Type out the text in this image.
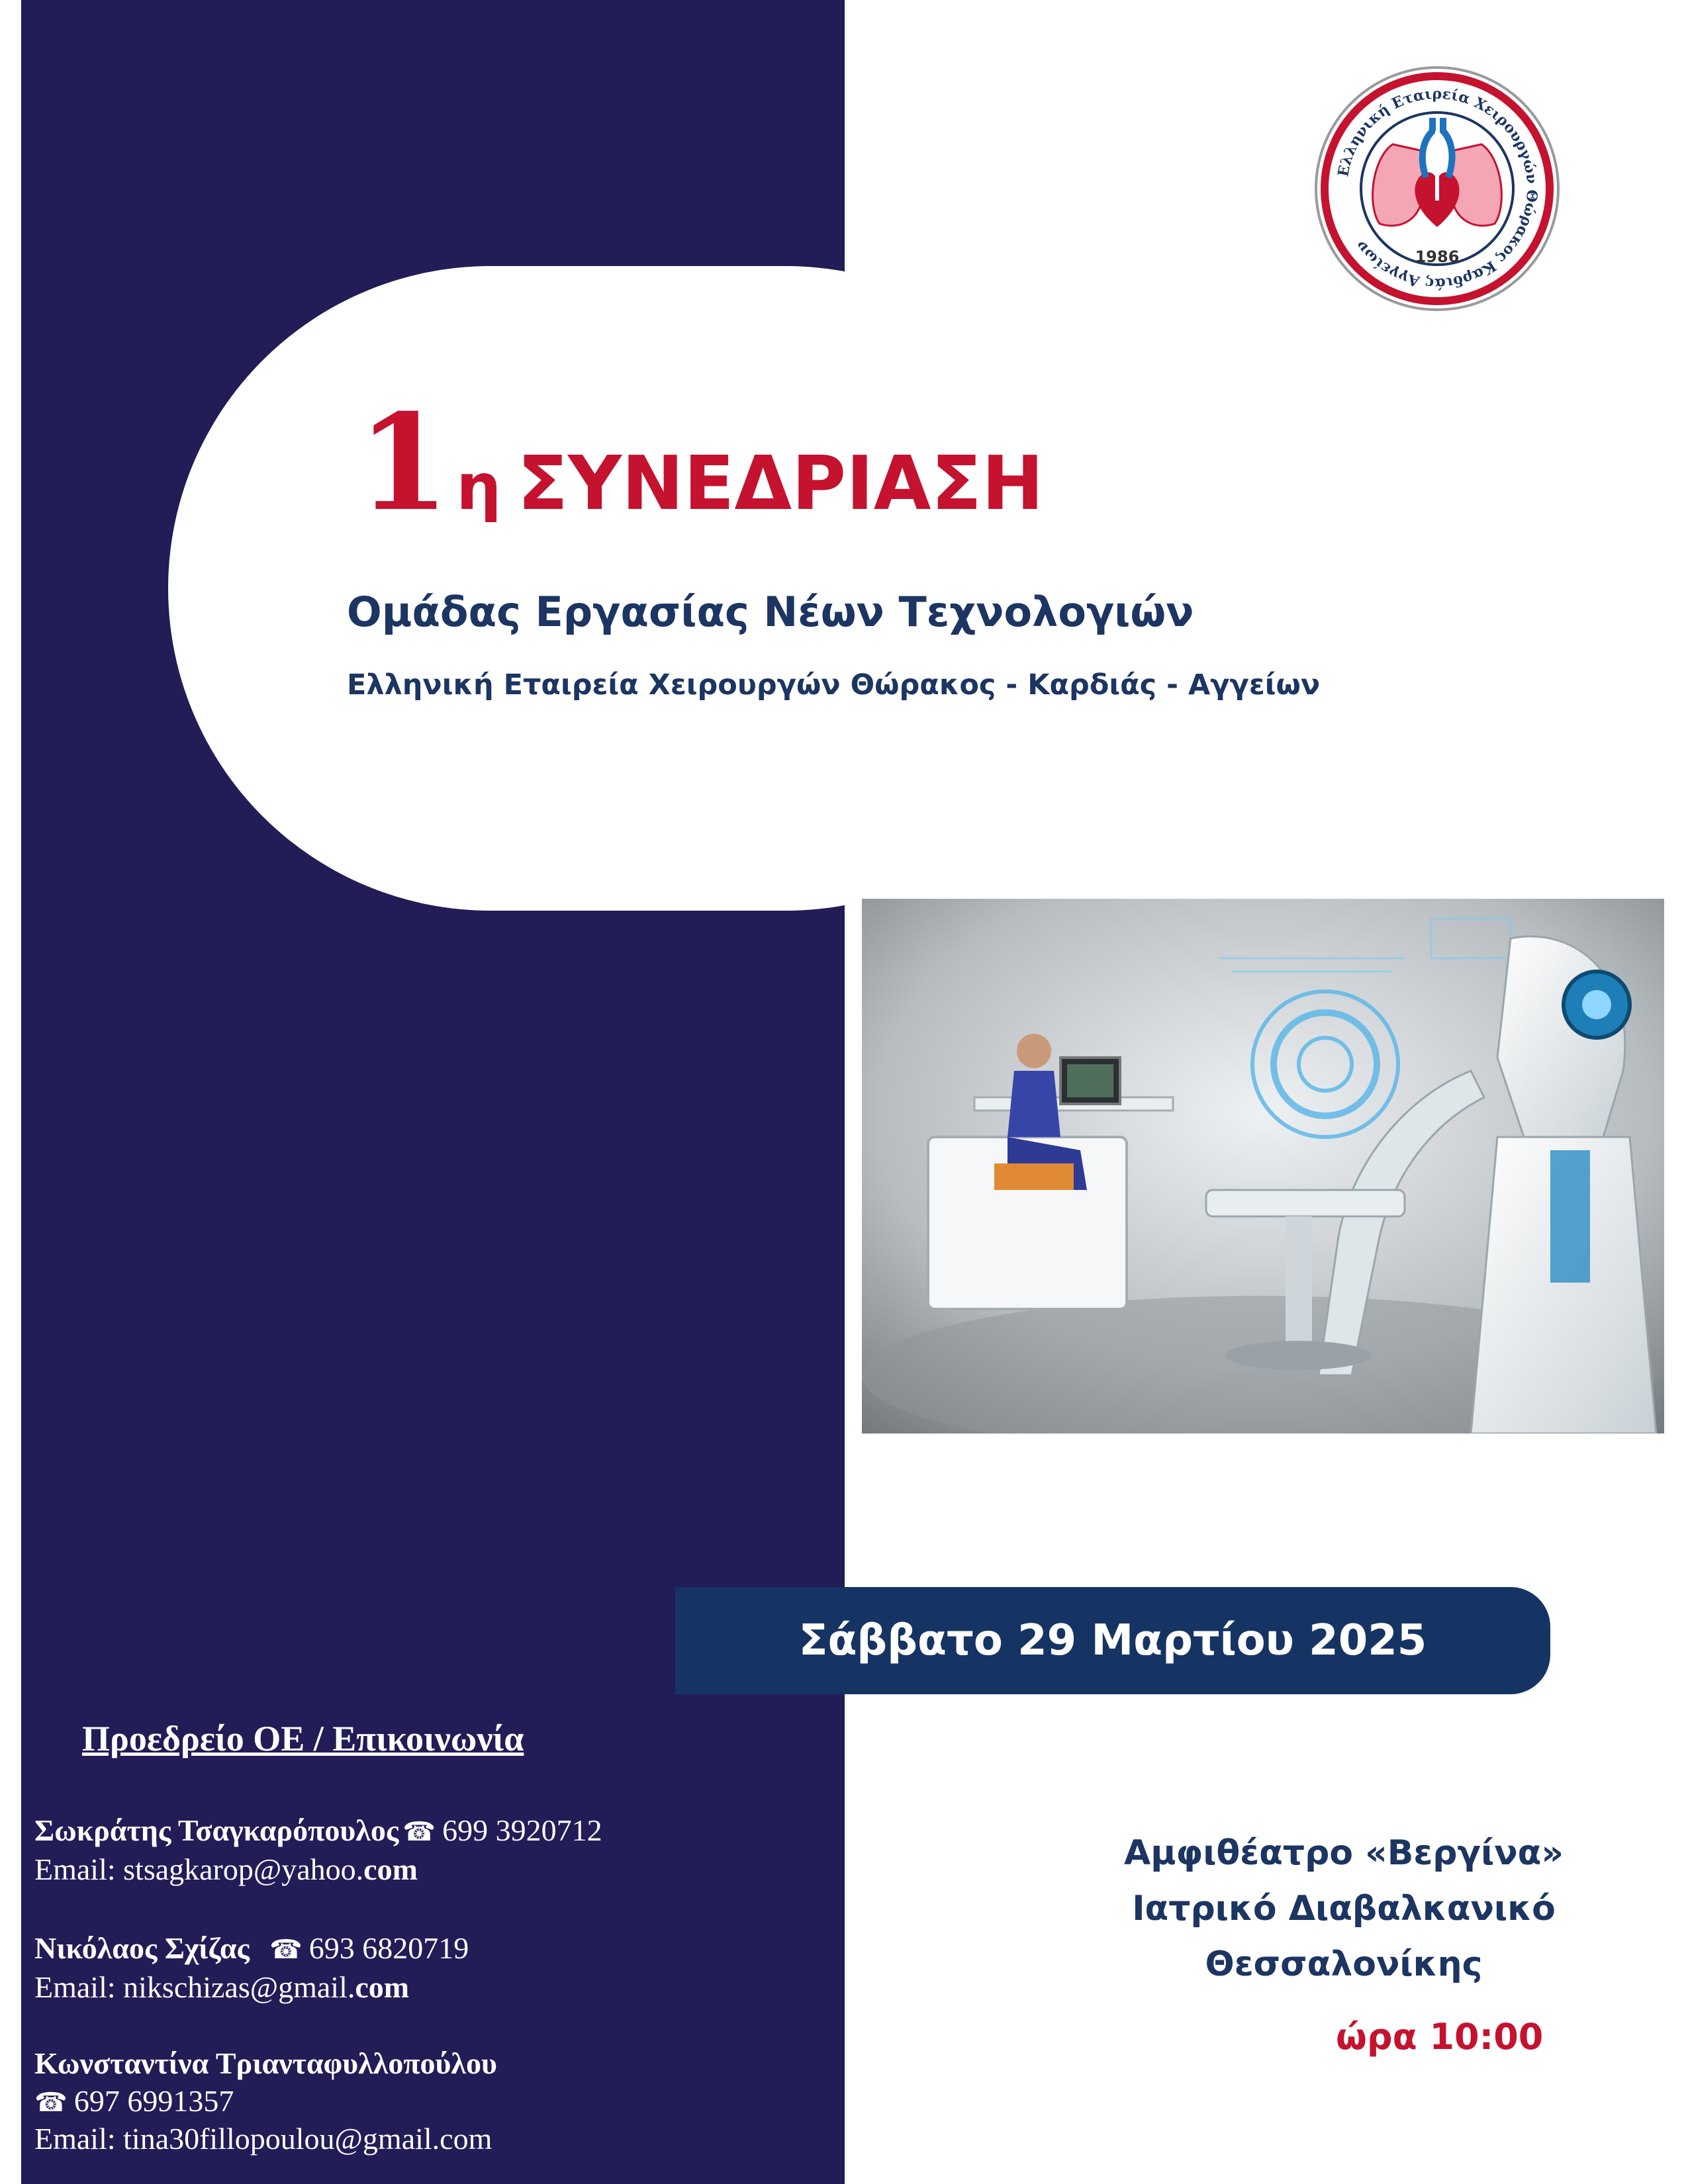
Ελληνική Εταιρεία Χειρουργών Θώρακος Καρδιάς Αγγείων
1986
1 η ΣΥΝΕΔΡΙΑΣΗ
Ομάδας Εργασίας Νέων Τεχνολογιών
Ελληνική Εταιρεία Χειρουργών Θώρακος - Καρδιάς - Αγγείων
Σάββατο 29 Μαρτίου 2025
Προεδρείο ΟΕ / Επικοινωνία
Σωκράτης Τσαγκαρόπουλος ☎ 699 3920712
Email: stsagkarop@yahoo.com
Νικόλαος Σχίζας ☎ 693 6820719
Email: nikschizas@gmail.com
Κωνσταντίνα Τριανταφυλλοπούλου
☎ 697 6991357
Email: tina30fillopoulou@gmail.com
Αμφιθέατρο «Βεργίνα»
Ιατρικό Διαβαλκανικό
Θεσσαλονίκης
ώρα 10:00
